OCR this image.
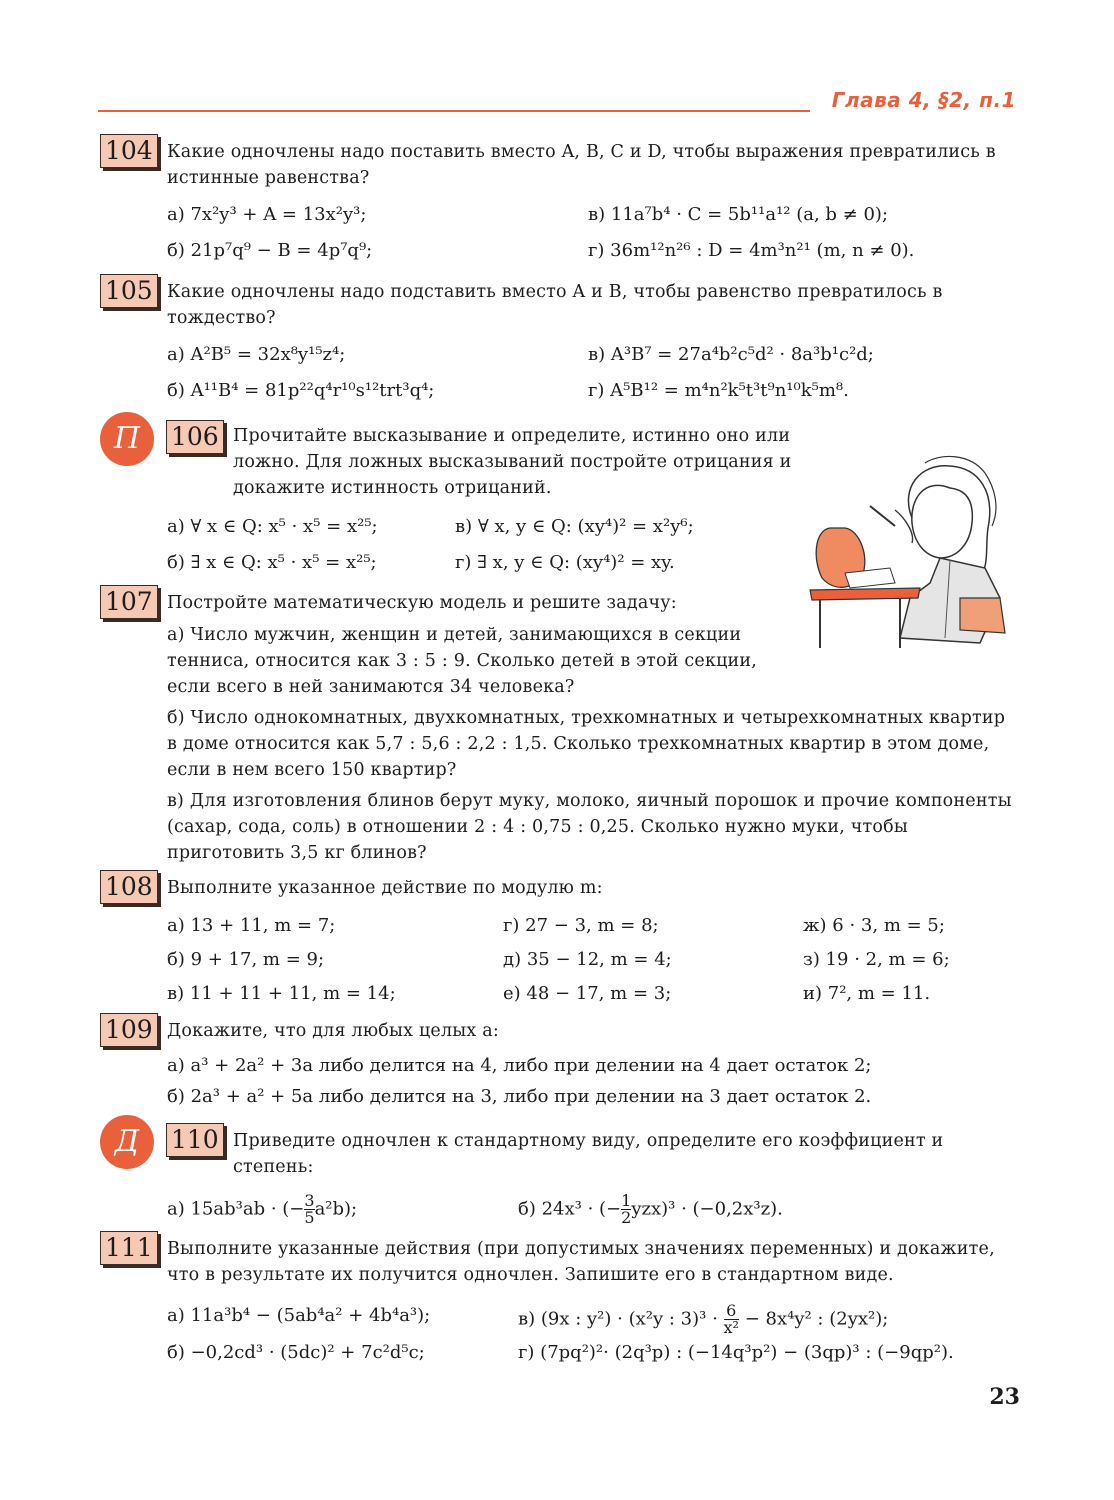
Глава 4, §2, п.1
104 Какие одночлены надо поставить вместо A, B, C и D, чтобы выражения превратились в истинные равенства?
а) 7x²y³ + A = 13x²y³;
б) 21p⁷q⁹ − B = 4p⁷q⁹;
в) 11a⁷b⁴ · C = 5b¹¹a¹² (a, b ≠ 0);
г) 36m¹²n²⁶ : D = 4m³n²¹ (m, n ≠ 0).
105 Какие одночлены надо подставить вместо A и B, чтобы равенство превратилось в тождество?
а) A²B⁵ = 32x⁸y¹⁵z⁴;
б) A¹¹B⁴ = 81p²²q⁴r¹⁰s¹²trt³q⁴;
в) A³B⁷ = 27a⁴b²c⁵d² · 8a³b¹c²d;
г) A⁵B¹² = m⁴n²k⁵t³t⁹n¹⁰k⁵m⁸.
П	106 Прочитайте высказывание и определите, истинно оно или ложно. Для ложных высказываний постройте отрицания и докажите истинность отрицаний.
а) ∀ x ∈ Q: x⁵ · x⁵ = x²⁵;
б) ∃ x ∈ Q: x⁵ · x⁵ = x²⁵;
в) ∀ x, y ∈ Q: (xy⁴)² = x²y⁶;
г) ∃ x, y ∈ Q: (xy⁴)² = xy.
107 Постройте математическую модель и решите задачу:
а) Число мужчин, женщин и детей, занимающихся в секции тенниса, относится как 3 : 5 : 9. Сколько детей в этой секции, если всего в ней занимаются 34 человека?
б) Число однокомнатных, двухкомнатных, трехкомнатных и четырехкомнатных квартир в доме относится как 5,7 : 5,6 : 2,2 : 1,5. Сколько трехкомнатных квартир в этом доме, если в нем всего 150 квартир?
в) Для изготовления блинов берут муку, молоко, яичный порошок и прочие компоненты (сахар, сода, соль) в отношении 2 : 4 : 0,75 : 0,25. Сколько нужно муки, чтобы приготовить 3,5 кг блинов?
108 Выполните указанное действие по модулю m:
а) 13 + 11, m = 7;
б) 9 + 17, m = 9;
в) 11 + 11 + 11, m = 14;
г) 27 − 3, m = 8;
д) 35 − 12, m = 4;
е) 48 − 17, m = 3;
ж) 6 · 3, m = 5;
з) 19 · 2, m = 6;
и) 7², m = 11.
109 Докажите, что для любых целых a:
а) a³ + 2a² + 3a либо делится на 4, либо при делении на 4 дает остаток 2;
б) 2a³ + a² + 5a либо делится на 3, либо при делении на 3 дает остаток 2.
Д	110 Приведите одночлен к стандартному виду, определите его коэффициент и степень:
а) 15ab³ab · (− $\frac{3}{5} a^2b$);	б) 24x³ · (− $\frac{1}{2} yzx)^3 \cdot (-0,2x^3z)$.
111 Выполните указанные действия (при допустимых значениях переменных) и докажите, что в результате их получится одночлен. Запишите его в стандартном виде.
а) 11a³b⁴ − (5ab⁴a² + 4b⁴a³);
б) −0,2cd³ · (5dc)² + 7c²d⁵c;
в) (9x : y²) · (x²y : $3)^3 \cdot \frac{6}{\text{x²}} - 8x^4y^2$ : (2yx²);
г) (7pq²)²· (2q³p) : (−14q³p²) − (3qp)³ : (−9qp²).
23
